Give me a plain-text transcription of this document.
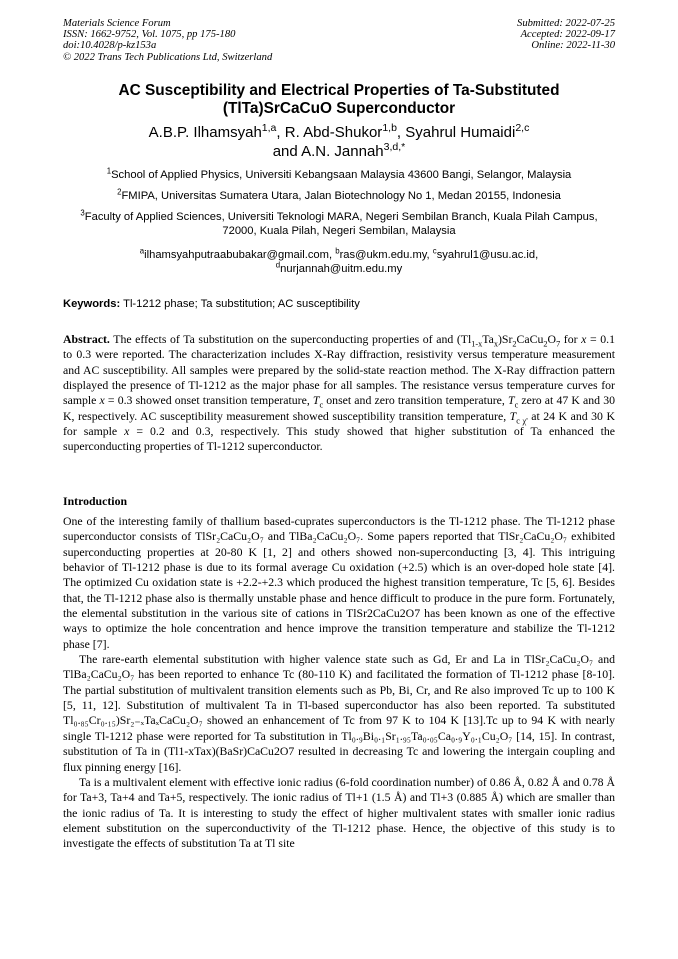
Materials Science Forum
ISSN: 1662-9752, Vol. 1075, pp 175-180
doi:10.4028/p-kz153a
© 2022 Trans Tech Publications Ltd, Switzerland
Submitted: 2022-07-25
Accepted: 2022-09-17
Online: 2022-11-30
AC Susceptibility and Electrical Properties of Ta-Substituted (TlTa)SrCaCuO Superconductor
A.B.P. Ilhamsyah$^{1,a}$, R. Abd-Shukor$^{1,b}$, Syahrul Humaidi$^{2,c}$
and A.N. Jannah$^{3,d,*}$
$^1$School of Applied Physics, Universiti Kebangsaan Malaysia 43600 Bangi, Selangor, Malaysia
$^2$FMIPA, Universitas Sumatera Utara, Jalan Biotechnology No 1, Medan 20155, Indonesia
$^3$Faculty of Applied Sciences, Universiti Teknologi MARA, Negeri Sembilan Branch, Kuala Pilah Campus, 72000, Kuala Pilah, Negeri Sembilan, Malaysia
$^a$ilhamsyahputraabubakar@gmail.com, $^b$ras@ukm.edu.my, $^c$syahrul1@usu.ac.id,
$^d$nurjannah@uitm.edu.my
Keywords: Tl-1212 phase; Ta substitution; AC susceptibility
Abstract. The effects of Ta substitution on the superconducting properties of and $(Tl_{1-x}Ta_x)Sr_2CaCu_2O_7$ for x = 0.1 to 0.3 were reported. The characterization includes X-Ray diffraction, resistivity versus temperature measurement and AC susceptibility. All samples were prepared by the solid-state reaction method. The X-Ray diffraction pattern displayed the presence of Tl-1212 as the major phase for all samples. The resistance versus temperature curves for sample x = 0.3 showed onset transition temperature, $T_c$ onset and zero transition temperature, $T_c$ zero at 47 K and 30 K, respectively. AC susceptibility measurement showed susceptibility transition temperature, $T_{c \chi'}$ at 24 K and 30 K for sample x = 0.2 and 0.3, respectively. This study showed that higher substitution of Ta enhanced the superconducting properties of Tl-1212 superconductor.
Introduction

One of the interesting family of thallium based-cuprates superconductors is the Tl-1212 phase. The Tl-1212 phase superconductor consists of TlSr₂CaCu₂O₇ and TlBa₂CaCu₂O₇. Some papers reported that TlSr₂CaCu₂O₇ exhibited superconducting properties at 20-80 K [1, 2] and others showed non-superconducting [3, 4]. This intriguing behavior of Tl-1212 phase is due to its formal average Cu oxidation (+2.5) which is an over-doped hole state [4]. The optimized Cu oxidation state is +2.2-+2.3 which produced the highest transition temperature, Tc [5, 6]. Besides that, the Tl-1212 phase also is thermally unstable phase and hence difficult to produce in the pure form. Fortunately, the elemental substitution in the various site of cations in TlSr2CaCu2O7 has been known as one of the effective ways to optimize the hole concentration and hence improve the transition temperature and stabilize the Tl-1212 phase [7].

The rare-earth elemental substitution with higher valence state such as Gd, Er and La in TlSr₂CaCu₂O₇ and TlBa₂CaCu₂O₇ has been reported to enhance Tc (80-110 K) and facilitated the formation of Tl-1212 phase [8-10]. The partial substitution of multivalent transition elements such as Pb, Bi, Cr, and Re also improved Tc up to 100 K [5, 11, 12]. Substitution of multivalent Ta in Tl-based superconductor has also been reported. Ta substituted Tl₀.₈₅Cr₀.₁₅)Sr₂₋ₓTaₓCaCu₂O₇ showed an enhancement of Tc from 97 K to 104 K [13].Tc up to 94 K with nearly single Tl-1212 phase were reported for Ta substitution in Tl₀.₉Bi₀.₁Sr₁.₉₅Ta₀.₀₅Ca₀.₉Y₀.₁Cu₂O₇ [14, 15]. In contrast, substitution of Ta in (Tl1-xTax)(BaSr)CaCu2O7 resulted in decreasing Tc and lowering the intergain coupling and flux pinning energy [16].

Ta is a multivalent element with effective ionic radius (6-fold coordination number) of 0.86 Å, 0.82 Å and 0.78 Å for Ta+3, Ta+4 and Ta+5, respectively. The ionic radius of Tl+1 (1.5 Å) and Tl+3 (0.885 Å) which are smaller than the ionic radius of Ta. It is interesting to study the effect of higher multivalent states with smaller ionic radius element substitution on the superconductivity of the Tl-1212 phase. Hence, the objective of this study is to investigate the effects of substitution Ta at Tl site
